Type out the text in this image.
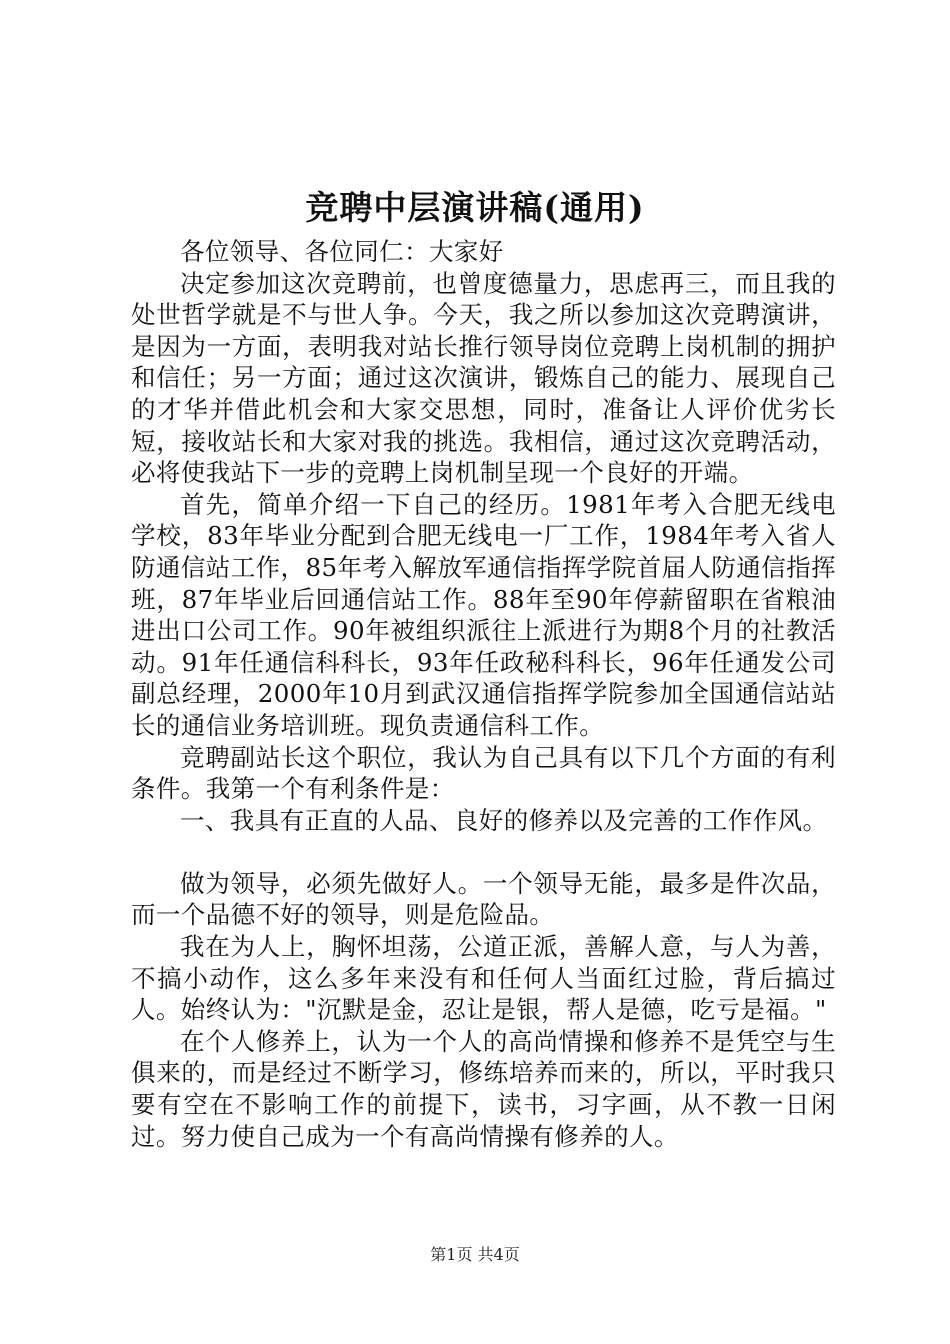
竞聘中层演讲稿(通用)

各位领导、各位同仁：大家好

决定参加这次竞聘前，也曾度德量力，思虑再三，而且我的处世哲学就是不与世人争。今天，我之所以参加这次竞聘演讲，是因为一方面，表明我对站长推行领导岗位竞聘上岗机制的拥护和信任；另一方面；通过这次演讲，锻炼自己的能力、展现自己的才华并借此机会和大家交思想，同时，准备让人评价优劣长短，接收站长和大家对我的挑选。我相信，通过这次竞聘活动，必将使我站下一步的竞聘上岗机制呈现一个良好的开端。

首先，简单介绍一下自己的经历。1981年考入合肥无线电学校，83年毕业分配到合肥无线电一厂工作，1984年考入省人防通信站工作，85年考入解放军通信指挥学院首届人防通信指挥班，87年毕业后回通信站工作。88年至90年停薪留职在省粮油进出口公司工作。90年被组织派往上派进行为期8个月的社教活动。91年任通信科科长，93年任政秘科科长，96年任通发公司副总经理，2000年10月到武汉通信指挥学院参加全国通信站站长的通信业务培训班。现负责通信科工作。

竞聘副站长这个职位，我认为自己具有以下几个方面的有利条件。我第一个有利条件是：

一、我具有正直的人品、良好的修养以及完善的工作作风。

做为领导，必须先做好人。一个领导无能，最多是件次品，而一个品德不好的领导，则是危险品。

我在为人上，胸怀坦荡，公道正派，善解人意，与人为善，不搞小动作，这么多年来没有和任何人当面红过脸，背后搞过人。始终认为："沉默是金，忍让是银，帮人是德，吃亏是福。"

在个人修养上，认为一个人的高尚情操和修养不是凭空与生俱来的，而是经过不断学习，修练培养而来的，所以，平时我只要有空在不影响工作的前提下，读书，习字画，从不教一日闲过。努力使自己成为一个有高尚情操有修养的人。

第1页 共4页
